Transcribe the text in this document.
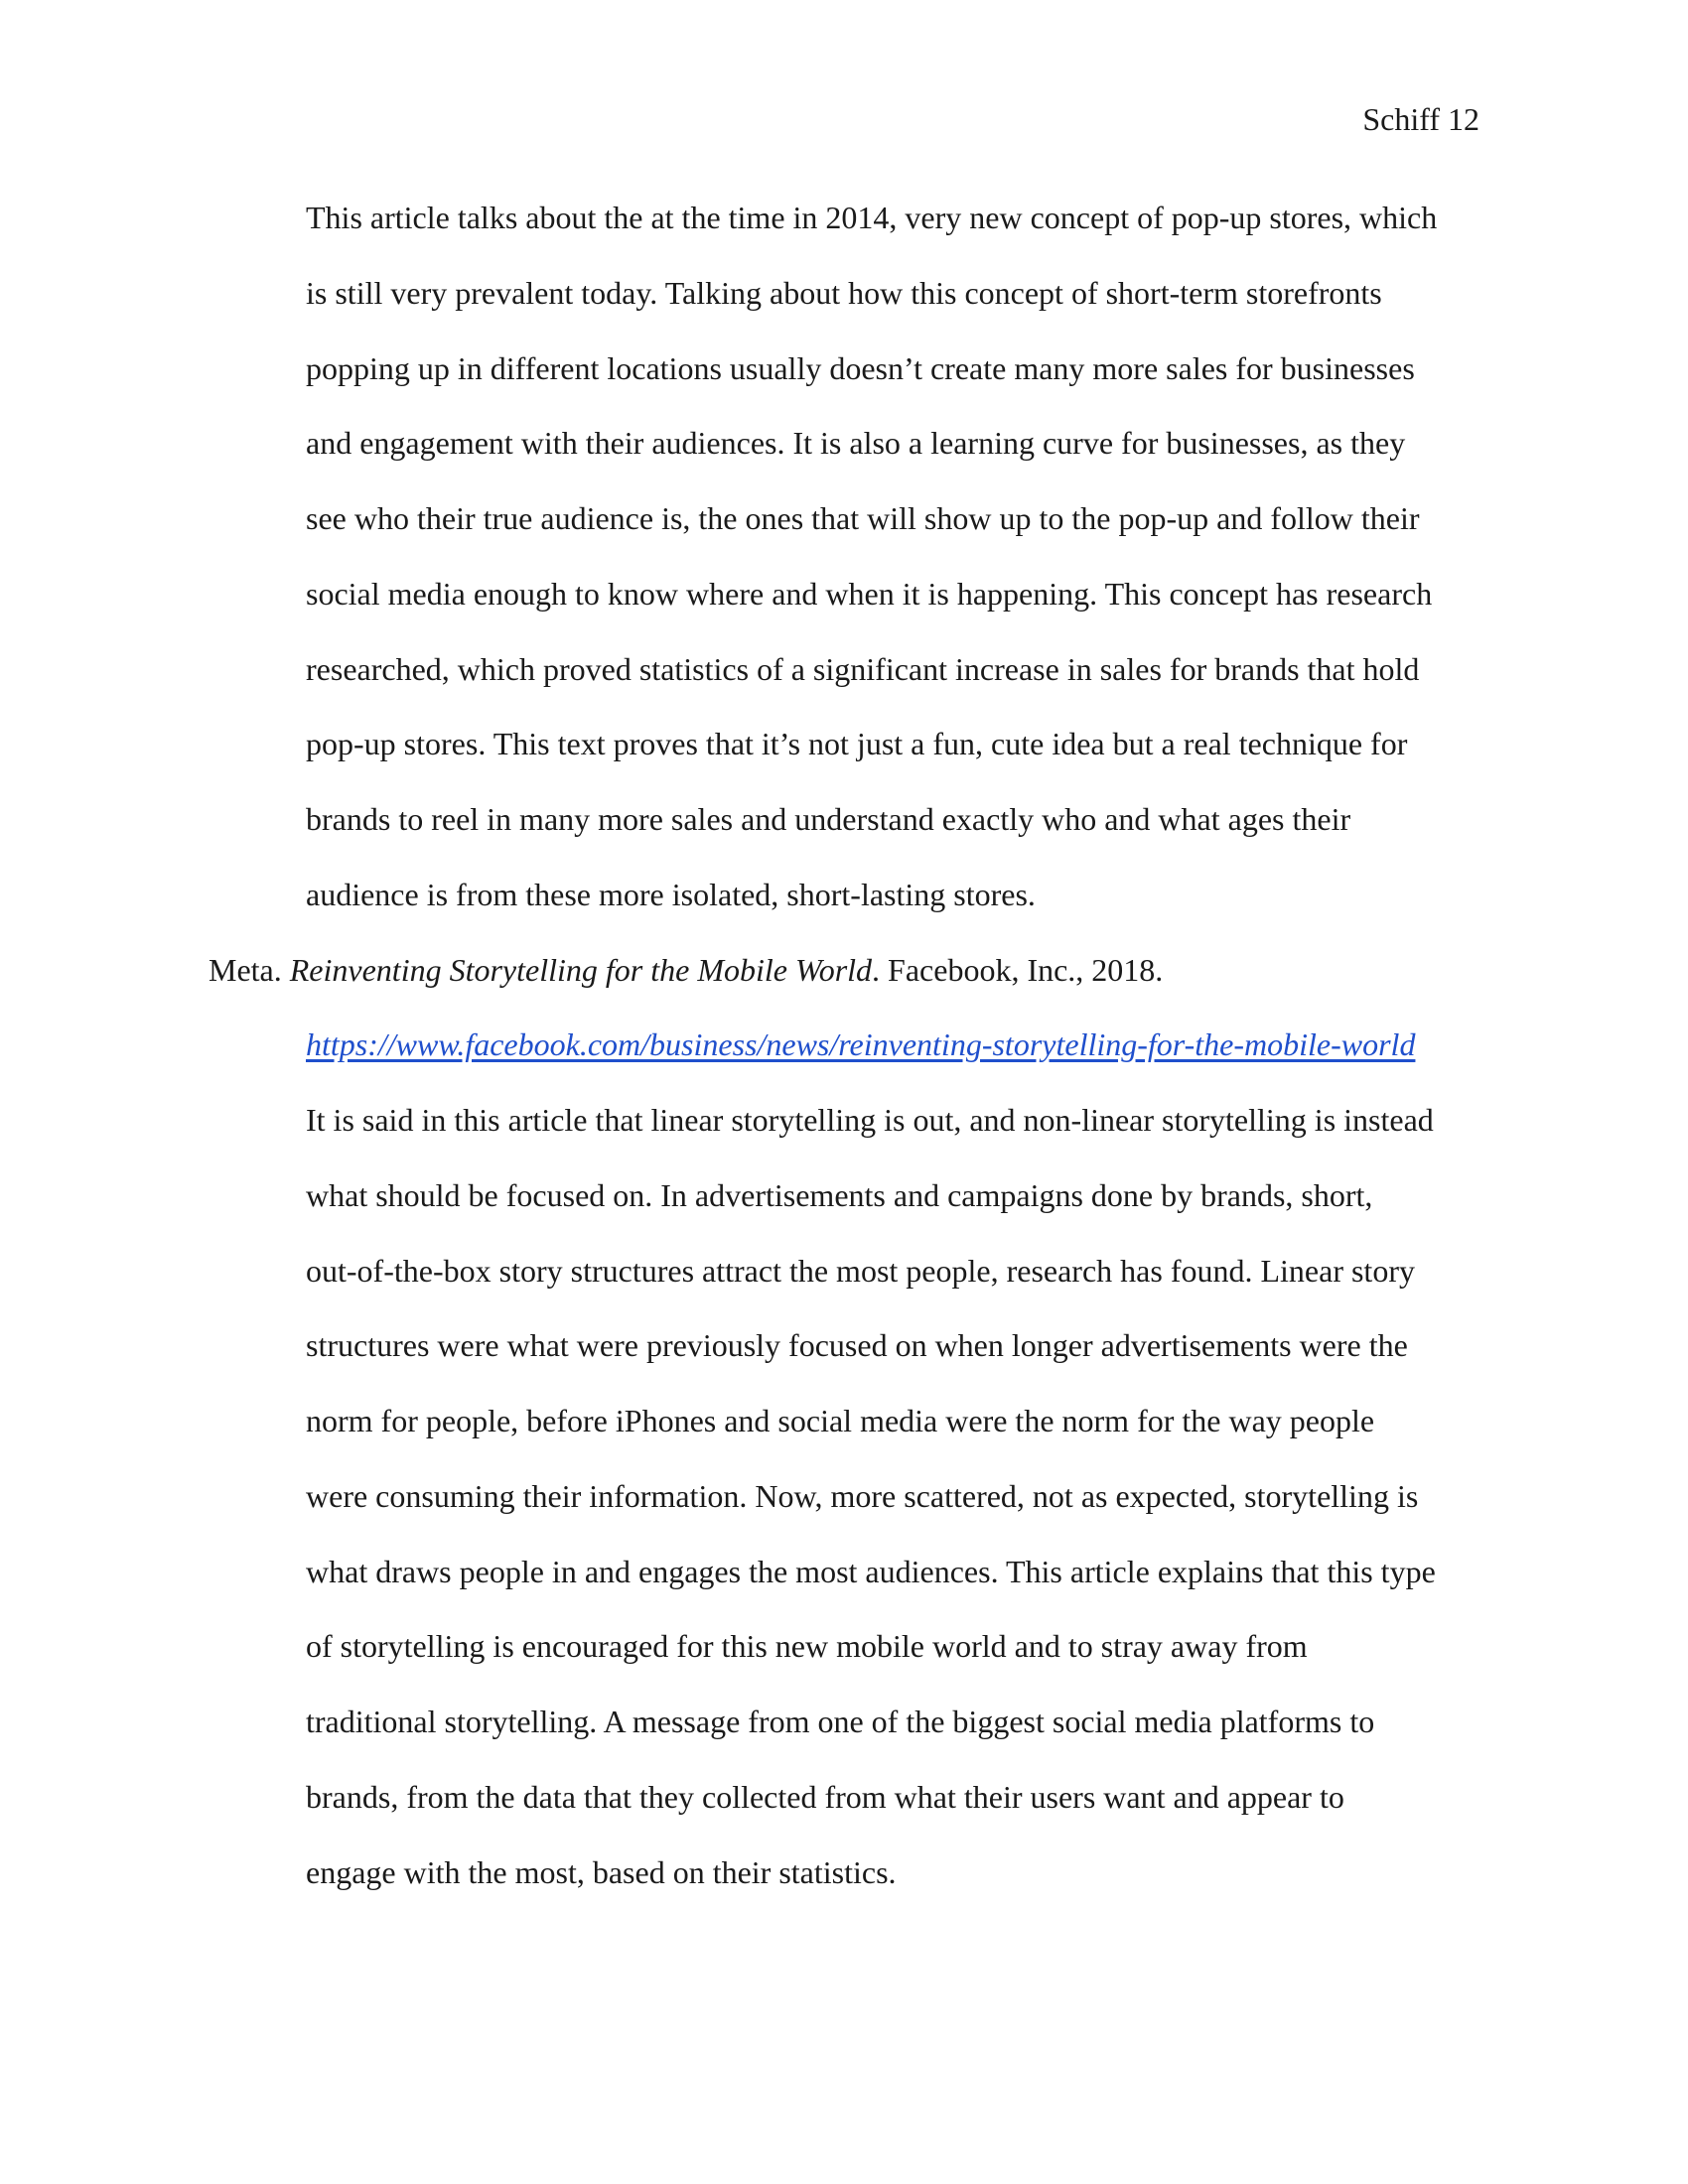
Schiff 12
This article talks about the at the time in 2014, very new concept of pop-up stores, which
is still very prevalent today. Talking about how this concept of short-term storefronts
popping up in different locations usually doesn’t create many more sales for businesses
and engagement with their audiences. It is also a learning curve for businesses, as they
see who their true audience is, the ones that will show up to the pop-up and follow their
social media enough to know where and when it is happening. This concept has research
researched, which proved statistics of a significant increase in sales for brands that hold
pop-up stores. This text proves that it’s not just a fun, cute idea but a real technique for
brands to reel in many more sales and understand exactly who and what ages their
audience is from these more isolated, short-lasting stores.
Meta. Reinventing Storytelling for the Mobile World. Facebook, Inc., 2018.
https://www.facebook.com/business/news/reinventing-storytelling-for-the-mobile-world
It is said in this article that linear storytelling is out, and non-linear storytelling is instead
what should be focused on. In advertisements and campaigns done by brands, short,
out-of-the-box story structures attract the most people, research has found. Linear story
structures were what were previously focused on when longer advertisements were the
norm for people, before iPhones and social media were the norm for the way people
were consuming their information. Now, more scattered, not as expected, storytelling is
what draws people in and engages the most audiences. This article explains that this type
of storytelling is encouraged for this new mobile world and to stray away from
traditional storytelling. A message from one of the biggest social media platforms to
brands, from the data that they collected from what their users want and appear to
engage with the most, based on their statistics.
